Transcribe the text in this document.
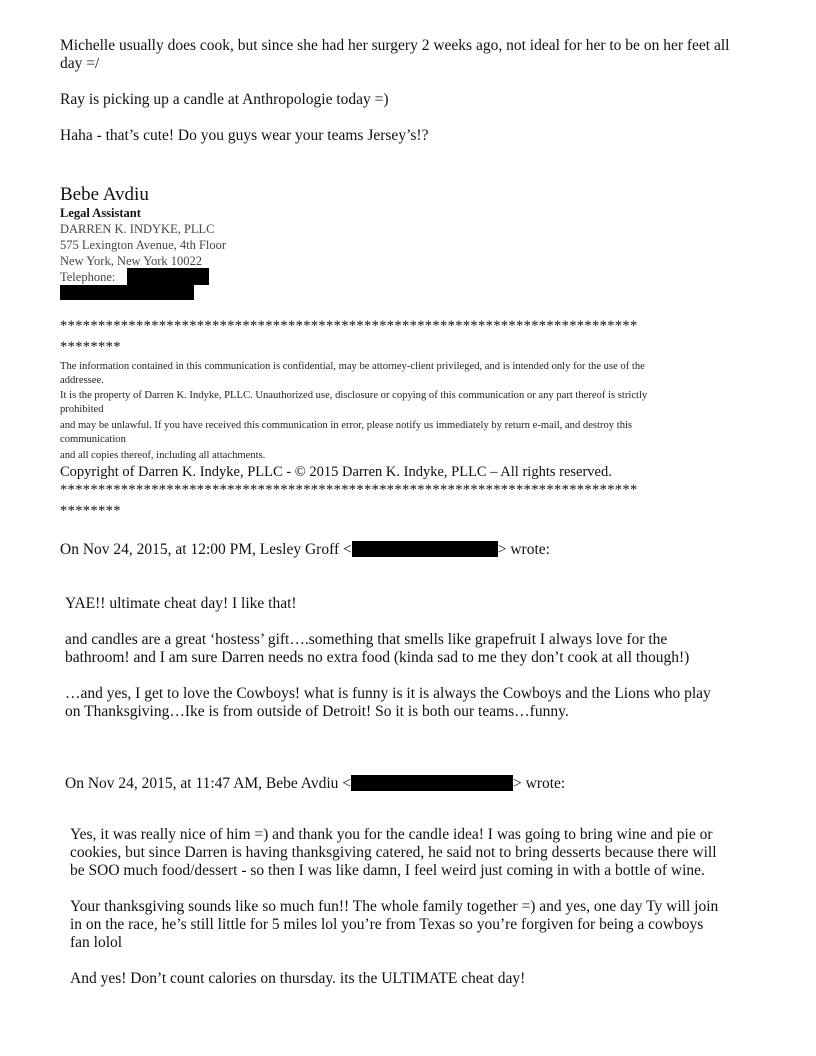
Michelle usually does cook, but since she had her surgery 2 weeks ago, not ideal for her to be on her feet all
day =/
Ray is picking up a candle at Anthropologie today =)
Haha - that’s cute! Do you guys wear your teams Jersey’s!?
Bebe Avdiu
Legal Assistant
DARREN K. INDYKE, PLLC
575 Lexington Avenue, 4th Floor
New York, New York 10022
Telephone:
****************************************************************************
********
The information contained in this communication is confidential, may be attorney-client privileged, and is intended only for the use of the
addressee.
It is the property of Darren K. Indyke, PLLC. Unauthorized use, disclosure or copying of this communication or any part thereof is strictly
prohibited
and may be unlawful. If you have received this communication in error, please notify us immediately by return e-mail, and destroy this
communication
and all copies thereof, including all attachments.
Copyright of Darren K. Indyke, PLLC - © 2015 Darren K. Indyke, PLLC – All rights reserved.
****************************************************************************
********
On Nov 24, 2015, at 12:00 PM, Lesley Groff <	> wrote:
YAE!! ultimate cheat day! I like that!
and candles are a great ‘hostess’ gift….something that smells like grapefruit I always love for the
bathroom! and I am sure Darren needs no extra food (kinda sad to me they don’t cook at all though!)
…and yes, I get to love the Cowboys! what is funny is it is always the Cowboys and the Lions who play
on Thanksgiving…Ike is from outside of Detroit! So it is both our teams…funny.
On Nov 24, 2015, at 11:47 AM, Bebe Avdiu <	> wrote:
Yes, it was really nice of him =) and thank you for the candle idea! I was going to bring wine and pie or
cookies, but since Darren is having thanksgiving catered, he said not to bring desserts because there will
be SOO much food/dessert - so then I was like damn, I feel weird just coming in with a bottle of wine.
Your thanksgiving sounds like so much fun!! The whole family together =) and yes, one day Ty will join
in on the race, he’s still little for 5 miles lol you’re from Texas so you’re forgiven for being a cowboys
fan lolol
And yes! Don’t count calories on thursday. its the ULTIMATE cheat day!
